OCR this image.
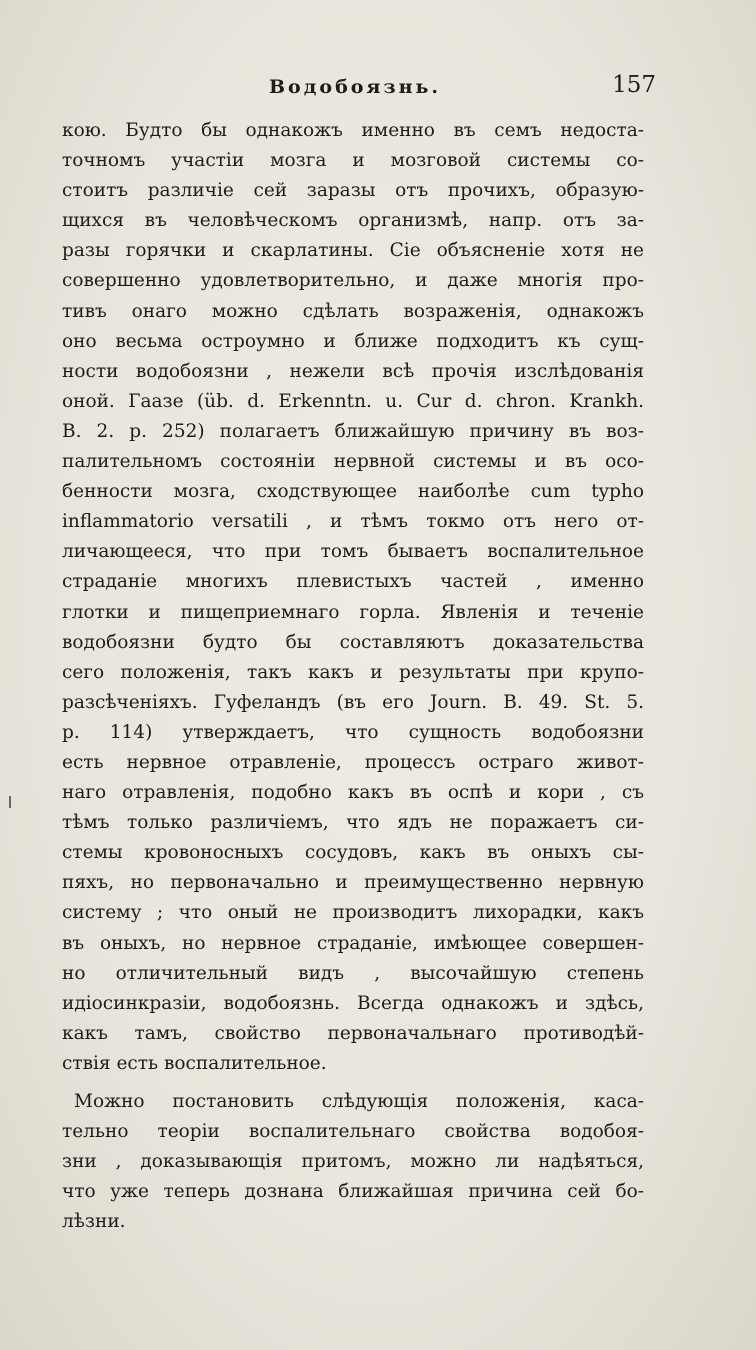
Водобоязнь.	157
кою. Будто бы однакожъ именно въ семъ недоста-
точномъ участіи мозга и мозговой системы со-
стоитъ различіе сей заразы отъ прочихъ, образую-
щихся въ человѣческомъ организмѣ, напр. отъ за-
разы горячки и скарлатины. Сіе объясненіе хотя не
совершенно удовлетворительно, и даже многія про-
тивъ онаго можно сдѣлать возраженія, однакожъ
оно весьма остроумно и ближе подходитъ къ сущ-
ности водобоязни , нежели всѣ прочія изслѣдованія
оной. Гаазе (üb. d. Erkenntn. u. Cur d. chron. Krankh.
B. 2. p. 252) полагаетъ ближайшую причину въ воз-
палительномъ состояніи нервной системы и въ осо-
бенности мозга, сходствующее наиболѣе cum typho
inflammatorio versatili , и тѣмъ токмо отъ него от-
личающееся, что при томъ бываетъ воспалительное
страданіе многихъ плевистыхъ частей , именно
глотки и пищеприемнаго горла. Явленія и теченіе
водобоязни будто бы составляютъ доказательства
сего положенія, такъ какъ и результаты при крупо-
разсѣченіяхъ. Гуфеландъ (въ его Journ. B. 49. St. 5.
p. 114) утверждаетъ, что сущность водобоязни
есть нервное отравленіе, процессъ остраго живот-
наго отравленія, подобно какъ въ оспѣ и кори , съ
тѣмъ только различіемъ, что ядъ не поражаетъ си-
стемы кровоносныхъ сосудовъ, какъ въ оныхъ сы-
пяхъ, но первоначально и преимущественно нервную
систему ; что оный не производитъ лихорадки, какъ
въ оныхъ, но нервное страданіе, имѣющее совершен-
но отличительный видъ , высочайшую степень
идіосинкразіи, водобоязнь. Всегда однакожъ и здѣсь,
какъ тамъ, свойство первоначальнаго противодѣй-
ствія есть воспалительное.
Можно постановить слѣдующія положенія, каса-
тельно теоріи воспалительнаго свойства водобоя-
зни , доказывающія притомъ, можно ли надѣяться,
что уже теперь дознана ближайшая причина сей бо-
лѣзни.
